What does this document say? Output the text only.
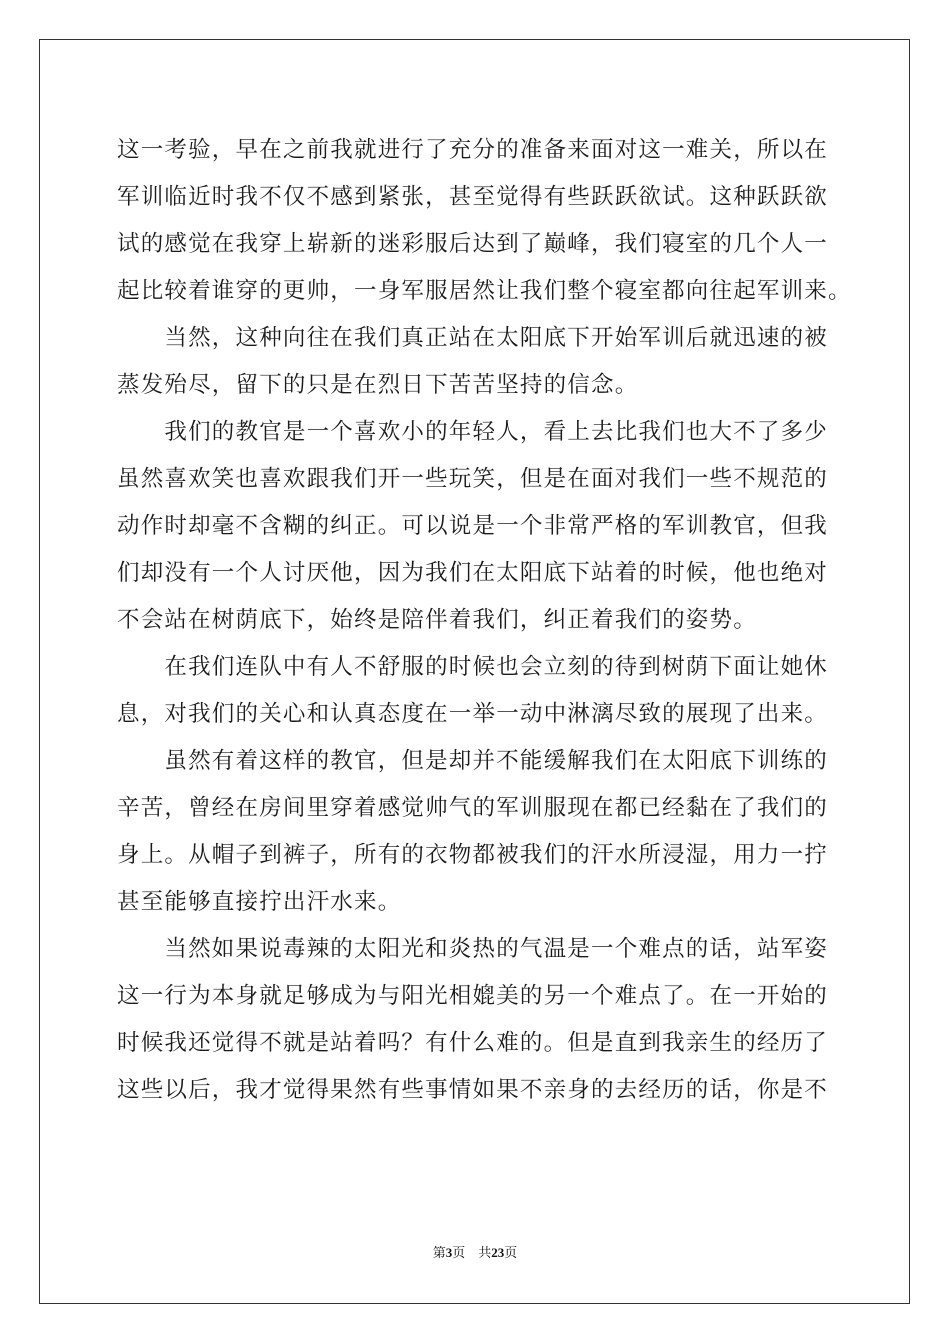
这一考验，早在之前我就进行了充分的准备来面对这一难关，所以在
军训临近时我不仅不感到紧张，甚至觉得有些跃跃欲试。这种跃跃欲
试的感觉在我穿上崭新的迷彩服后达到了巅峰，我们寝室的几个人一
起比较着谁穿的更帅，一身军服居然让我们整个寝室都向往起军训来。
　　当然，这种向往在我们真正站在太阳底下开始军训后就迅速的被
蒸发殆尽，留下的只是在烈日下苦苦坚持的信念。
　　我们的教官是一个喜欢小的年轻人，看上去比我们也大不了多少
虽然喜欢笑也喜欢跟我们开一些玩笑，但是在面对我们一些不规范的
动作时却毫不含糊的纠正。可以说是一个非常严格的军训教官，但我
们却没有一个人讨厌他，因为我们在太阳底下站着的时候，他也绝对
不会站在树荫底下，始终是陪伴着我们，纠正着我们的姿势。
　　在我们连队中有人不舒服的时候也会立刻的待到树荫下面让她休
息，对我们的关心和认真态度在一举一动中淋漓尽致的展现了出来。
　　虽然有着这样的教官，但是却并不能缓解我们在太阳底下训练的
辛苦，曾经在房间里穿着感觉帅气的军训服现在都已经黏在了我们的
身上。从帽子到裤子，所有的衣物都被我们的汗水所浸湿，用力一拧
甚至能够直接拧出汗水来。
　　当然如果说毒辣的太阳光和炎热的气温是一个难点的话，站军姿
这一行为本身就足够成为与阳光相媲美的另一个难点了。在一开始的
时候我还觉得不就是站着吗？有什么难的。但是直到我亲生的经历了
这些以后，我才觉得果然有些事情如果不亲身的去经历的话，你是不
第3页　共23页
